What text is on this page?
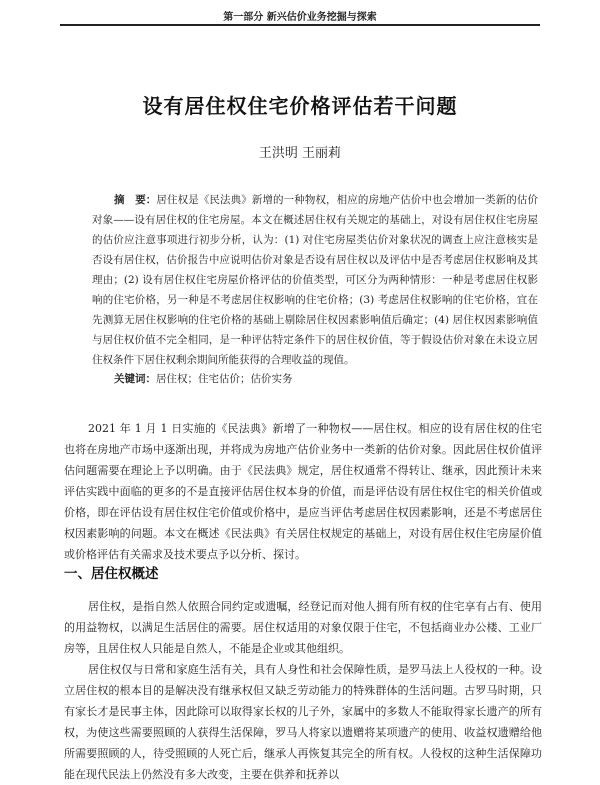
第一部分 新兴估价业务挖掘与探索
设有居住权住宅价格评估若干问题
王洪明 王丽莉
摘　要：居住权是《民法典》新增的一种物权，相应的房地产估价中也会增加一类新的估价对象——设有居住权的住宅房屋。本文在概述居住权有关规定的基础上，对设有居住权住宅房屋的估价应注意事项进行初步分析，认为：(1) 对住宅房屋类估价对象状况的调查上应注意核实是否设有居住权，估价报告中应说明估价对象是否设有居住权以及评估中是否考虑居住权影响及其理由；(2) 设有居住权住宅房屋价格评估的价值类型，可区分为两种情形：一种是考虑居住权影响的住宅价格，另一种是不考虑居住权影响的住宅价格；(3) 考虑居住权影响的住宅价格，宜在先测算无居住权影响的住宅价格的基础上剔除居住权因素影响值后确定；(4) 居住权因素影响值与居住权价值不完全相同，是一种评估特定条件下的居住权价值，等于假设估价对象在未设立居住权条件下居住权剩余期间所能获得的合理收益的现值。
关键词：居住权；住宅估价；估价实务
2021 年 1 月 1 日实施的《民法典》新增了一种物权——居住权。相应的设有居住权的住宅也将在房地产市场中逐渐出现，并将成为房地产估价业务中一类新的估价对象。因此居住权价值评估问题需要在理论上予以明确。由于《民法典》规定，居住权通常不得转让、继承，因此预计未来评估实践中面临的更多的不是直接评估居住权本身的价值，而是评估设有居住权住宅的相关价值或价格，即在评估设有居住权住宅价值或价格中，是应当评估考虑居住权因素影响，还是不考虑居住权因素影响的问题。本文在概述《民法典》有关居住权规定的基础上，对设有居住权住宅房屋价值或价格评估有关需求及技术要点予以分析、探讨。
一、居住权概述

居住权，是指自然人依照合同约定或遗嘱，经登记而对他人拥有所有权的住宅享有占有、使用的用益物权，以满足生活居住的需要。居住权适用的对象仅限于住宅，不包括商业办公楼、工业厂房等，且居住权人只能是自然人，不能是企业或其他组织。

居住权仅与日常和家庭生活有关，具有人身性和社会保障性质，是罗马法上人役权的一种。设立居住权的根本目的是解决没有继承权但又缺乏劳动能力的特殊群体的生活问题。古罗马时期，只有家长才是民事主体，因此除可以取得家长权的儿子外，家属中的多数人不能取得家长遗产的所有权，为使这些需要照顾的人获得生活保障，罗马人将家以遗赠将某项遗产的使用、收益权遗赠给他所需要照顾的人，待受照顾的人死亡后，继承人再恢复其完全的所有权。人役权的这种生活保障功能在现代民法上仍然没有多大改变，主要在供养和抚养以
